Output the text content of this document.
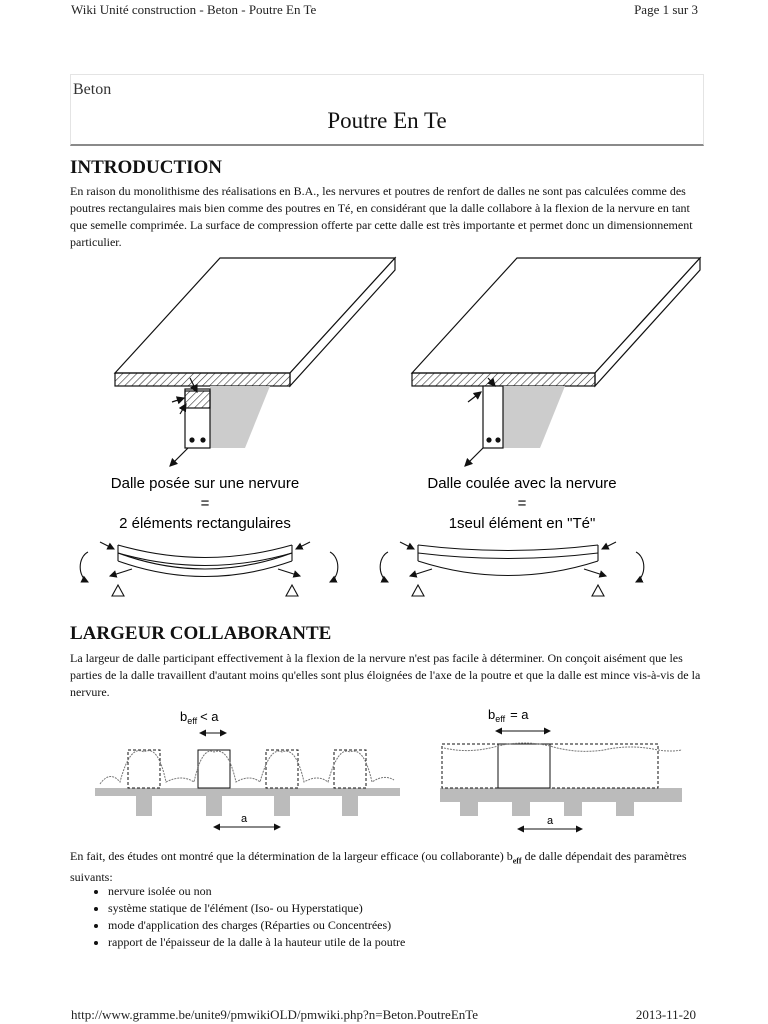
Wiki Unité construction - Beton - Poutre En Te	Page 1 sur 3
Beton
Poutre En Te
INTRODUCTION

En raison du monolithisme des réalisations en B.A., les nervures et poutres de renfort de dalles ne sont pas calculées comme des poutres rectangulaires mais bien comme des poutres en Té, en considérant que la dalle collabore à la flexion de la nervure en tant que semelle comprimée. La surface de compression offerte par cette dalle est très importante et permet donc un dimensionnement particulier.

Dalle posée sur une nervure
=
2 éléments rectangulaires
Dalle coulée avec la nervure
=
1seul élément en "Té"
LARGEUR COLLABORANTE

La largeur de dalle participant effectivement à la flexion de la nervure n'est pas facile à déterminer. On conçoit aisément que les parties de la dalle travaillent d'autant moins qu'elles sont plus éloignées de l'axe de la poutre et que la dalle est mince vis-à-vis de la nervure.

$b_{eff} < a$
a
$b_{eff} = a$
a

En fait, des études ont montré que la détermination de la largeur efficace (ou collaborante) $b_{eff}$ de dalle dépendait des paramètres suivants:

• nervure isolée ou non
• système statique de l'élément (Iso- ou Hyperstatique)
• mode d'application des charges (Réparties ou Concentrées)
• rapport de l'épaisseur de la dalle à la hauteur utile de la poutre
http://www.gramme.be/unite9/pmwikiOLD/pmwiki.php?n=Beton.PoutreEnTe	2013-11-20
